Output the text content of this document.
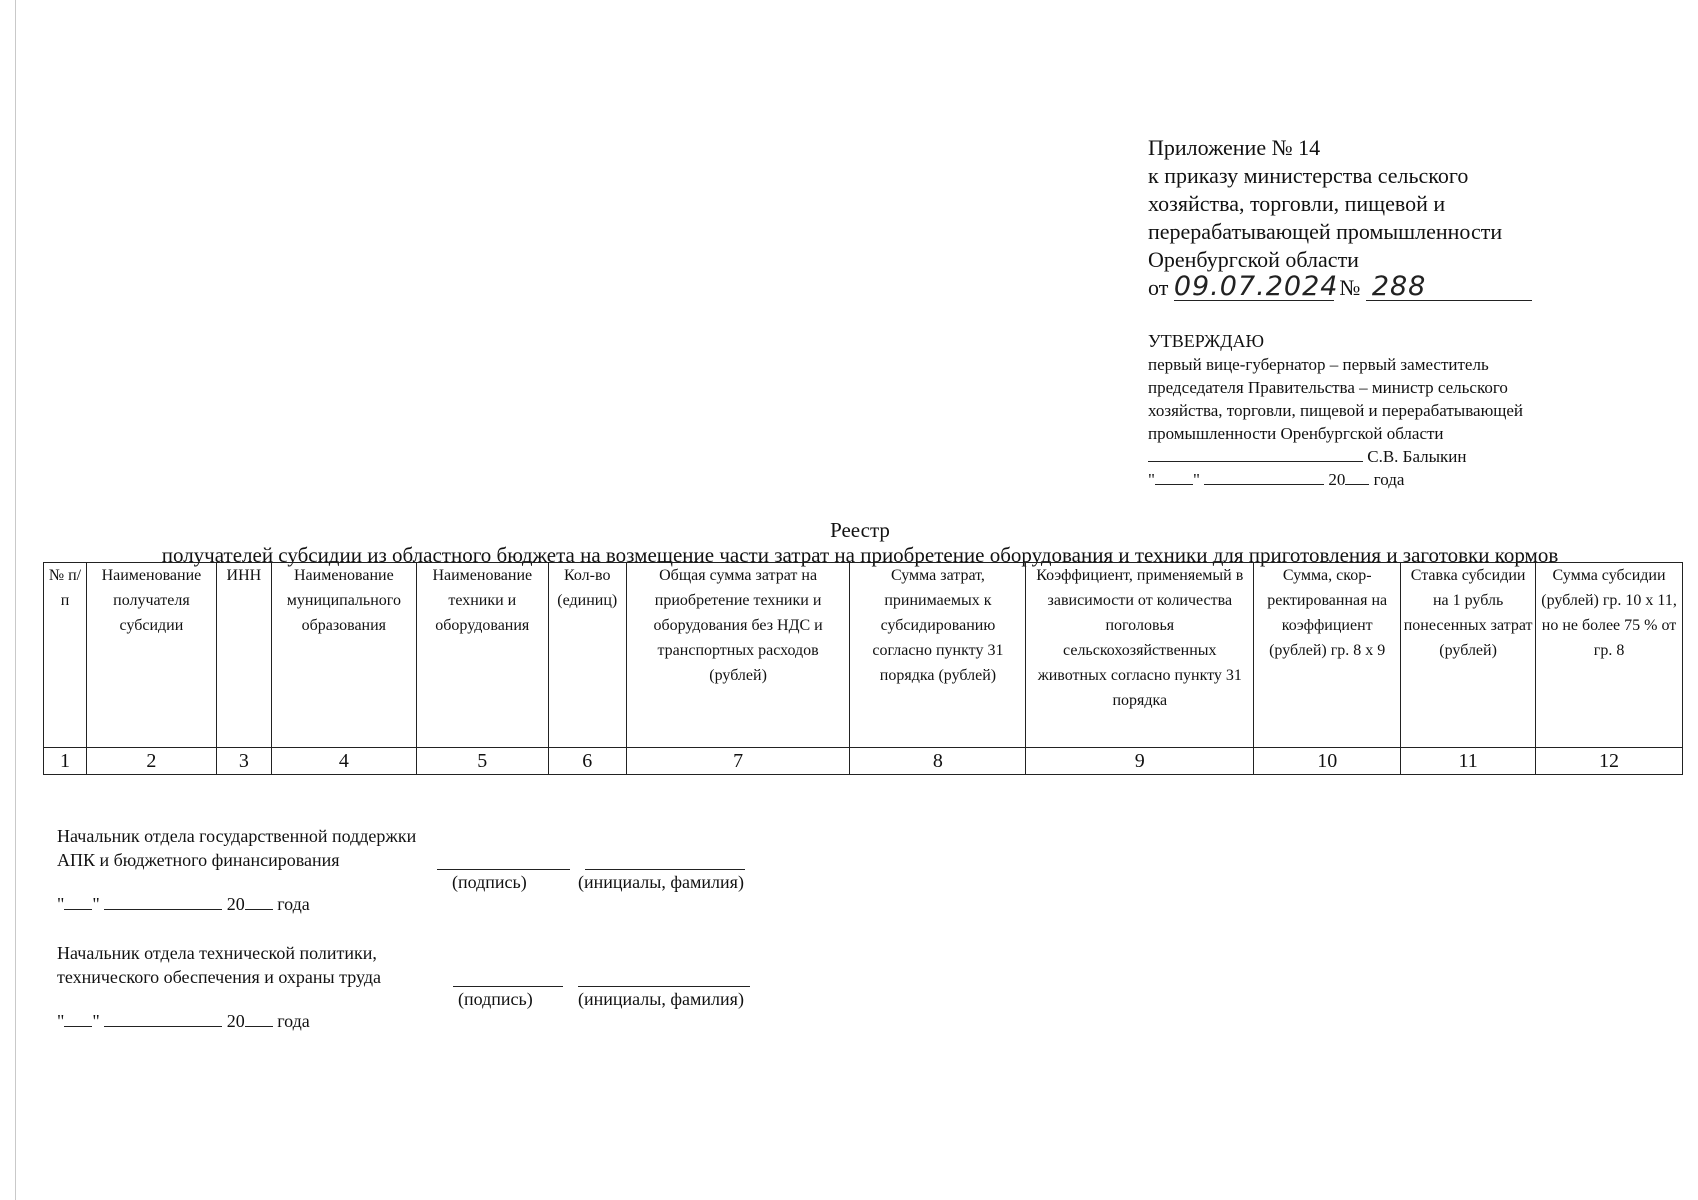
Приложение № 14
к приказу министерства сельского
хозяйства, торговли, пищевой и
перерабатывающей промышленности
Оренбургской области
от 09.07.2024 № 288
УТВЕРЖДАЮ
первый вице-губернатор – первый заместитель
председателя Правительства – министр сельского
хозяйства, торговли, пищевой и перерабатывающей
промышленности Оренбургской области
С.В. Балыкин
" "	20 года
Реестр
получателей субсидии из областного бюджета на возмещение части затрат на приобретение оборудования и техники для приготовления и заготовки кормов
№ п/п	Наименование получателя субсидии	ИНН	Наименование муниципального образования	Наименование техники и оборудования	Кол-во (единиц)	Общая сумма затрат на приобретение техники и оборудования без НДС и транспортных расходов (рублей)	Сумма затрат, принимаемых к субсидированию согласно пункту 31 порядка (рублей)	Коэффициент, применяемый в зависимости от количества поголовья сельскохозяйственных животных согласно пункту 31 порядка	Сумма, скор-ректированная на коэффициент (рублей) гр. 8 х 9	Ставка субсидии на 1 рубль понесенных затрат (рублей)	Сумма субсидии (рублей) гр. 10 х 11, но не более 75 % от гр. 8
1	2	3	4	5	6	7	8	9	10	11	12
Начальник отдела государственной поддержки
АПК и бюджетного финансирования
(подпись)	(инициалы, фамилия)
" "	20 года
Начальник отдела технической политики,
технического обеспечения и охраны труда
(подпись)	(инициалы, фамилия)
" "	20 года
